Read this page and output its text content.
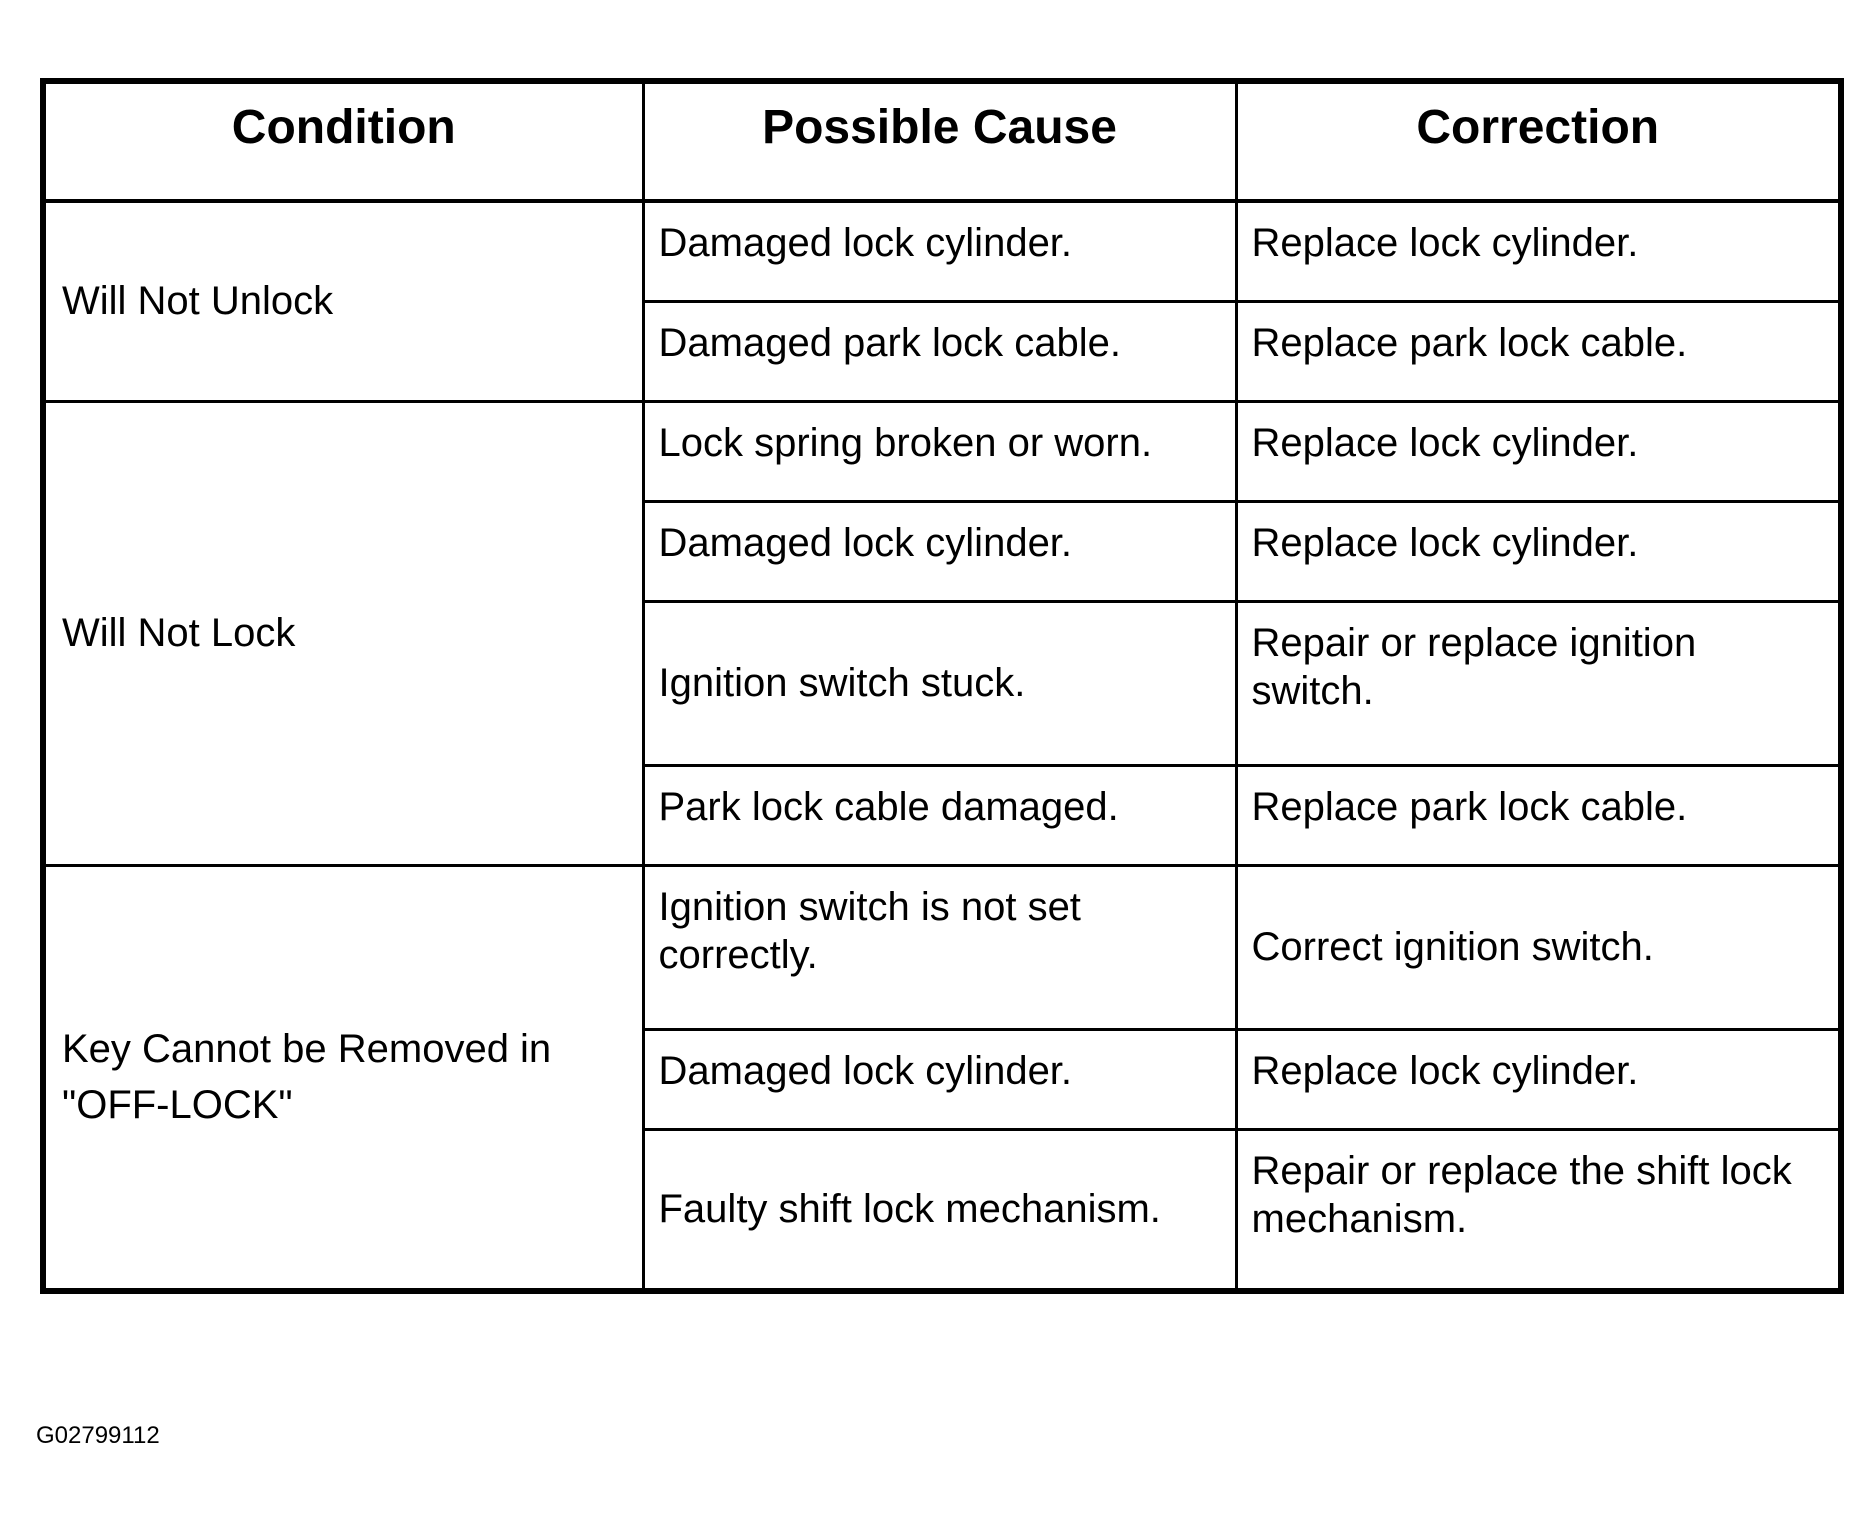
Condition	Possible Cause	Correction
Will Not Unlock	Damaged lock cylinder.	Replace lock cylinder.
	Damaged park lock cable.	Replace park lock cable.
Will Not Lock	Lock spring broken or worn.	Replace lock cylinder.
	Damaged lock cylinder.	Replace lock cylinder.
	Ignition switch stuck.	Repair or replace ignition switch.
	Park lock cable damaged.	Replace park lock cable.
Key Cannot be Removed in "OFF-LOCK"	Ignition switch is not set correctly.	Correct ignition switch.
	Damaged lock cylinder.	Replace lock cylinder.
	Faulty shift lock mechanism.	Repair or replace the shift lock mechanism.
G02799112
